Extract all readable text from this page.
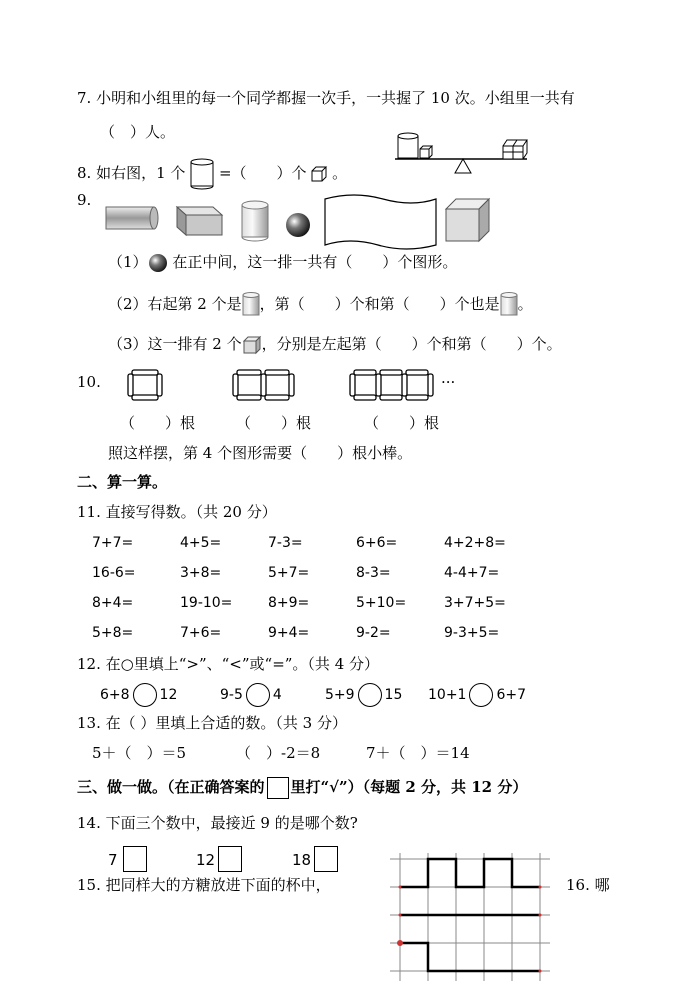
7. 小明和小组里的每一个同学都握一次手，一共握了 10 次。小组里一共有
（　）人。
8. 如右图，1 个 =（　　）个 。
9.
（1） 在正中间，这一排一共有（　　）个图形。
（2）右起第 2 个是 ，第（　　）个和第（　　）个也是 。
（3）这一排有 2 个 ，分别是左起第（　　）个和第（　　）个。
10.	···
（　　）根	（　　）根	（　　）根
照这样摆，第 4 个图形需要（　　）根小棒。
二、算一算。
11. 直接写得数。（共 20 分）
7+7=	4+5=	7-3=	6+6=	4+2+8=
16-6=	3+8=	5+7=	8-3=	4-4+7=
8+4=	19-10=	8+9=	5+10=	3+7+5=
5+8=	7+6=	9+4=	9-2=	9-3+5=
12. 在○里填上“>”、“<”或“=”。（共 4 分）
6+8 12	9-5 4	5+9 15 10+1 6+7
13. 在（ ）里填上合适的数。（共 3 分）
5＋（　）＝5	（　）-2＝8	7＋（　）＝14
三、做一做。（在正确答案的 里打“√”）（每题 2 分，共 12 分）
14. 下面三个数中，最接近 9 的是哪个数?
7	12	18
15. 把同样大的方糖放进下面的杯中，	16. 哪
